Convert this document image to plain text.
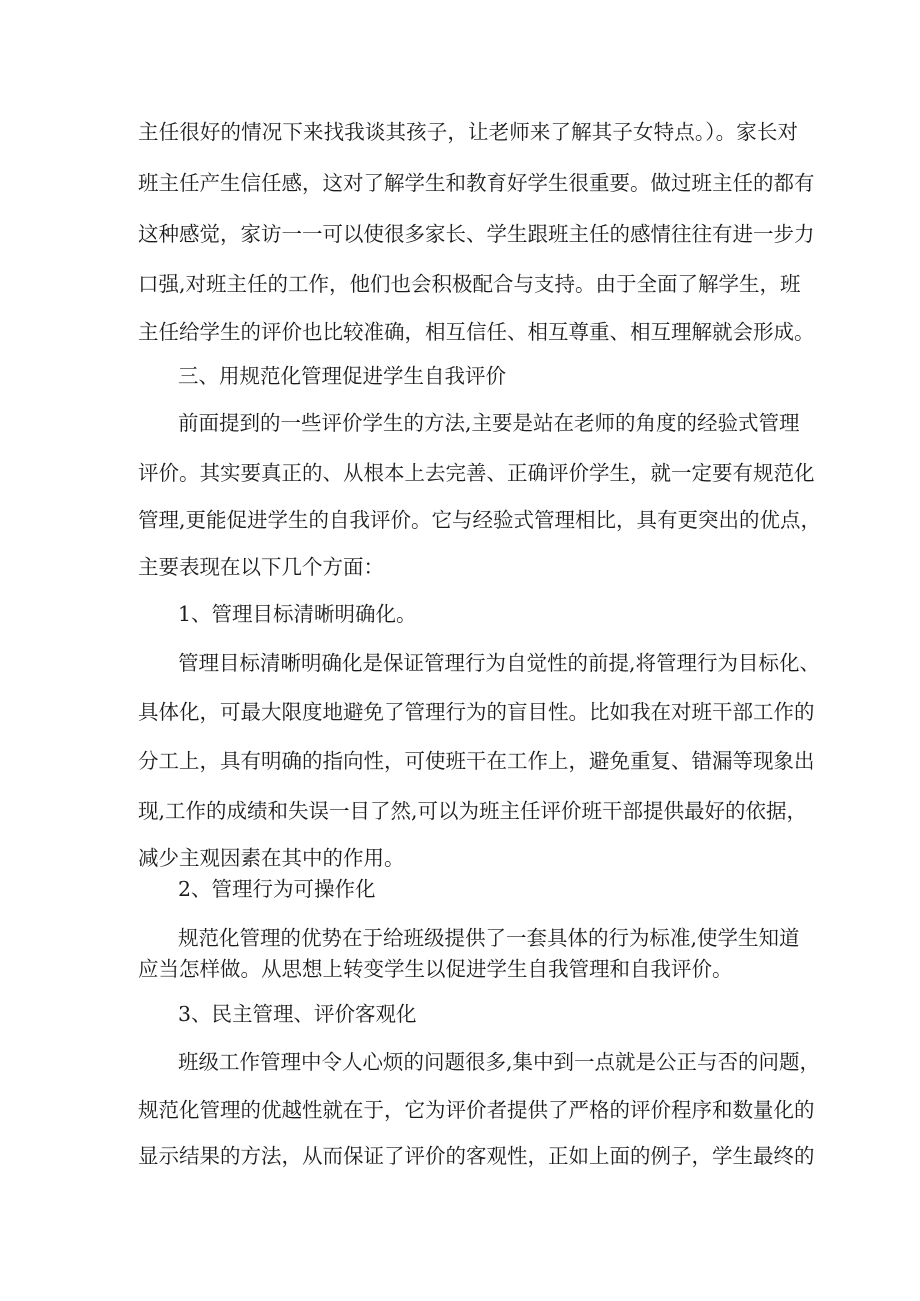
主任很好的情况下来找我谈其孩子，让老师来了解其子女特点。）。家长对
班主任产生信任感，这对了解学生和教育好学生很重要。做过班主任的都有
这种感觉，家访一一可以使很多家长、学生跟班主任的感情往往有进一步力
口强,对班主任的工作，他们也会积极配合与支持。由于全面了解学生，班
主任给学生的评价也比较准确，相互信任、相互尊重、相互理解就会形成。
三、用规范化管理促进学生自我评价
前面提到的一些评价学生的方法,主要是站在老师的角度的经验式管理
评价。其实要真正的、从根本上去完善、正确评价学生，就一定要有规范化
管理,更能促进学生的自我评价。它与经验式管理相比，具有更突出的优点，
主要表现在以下几个方面：
1、管理目标清晰明确化。
管理目标清晰明确化是保证管理行为自觉性的前提,将管理行为目标化、
具体化，可最大限度地避免了管理行为的盲目性。比如我在对班干部工作的
分工上，具有明确的指向性，可使班干在工作上，避免重复、错漏等现象出
现,工作的成绩和失误一目了然,可以为班主任评价班干部提供最好的依据，
减少主观因素在其中的作用。
2、管理行为可操作化
规范化管理的优势在于给班级提供了一套具体的行为标准,使学生知道
应当怎样做。从思想上转变学生以促进学生自我管理和自我评价。
3、民主管理、评价客观化
班级工作管理中令人心烦的问题很多,集中到一点就是公正与否的问题，
规范化管理的优越性就在于，它为评价者提供了严格的评价程序和数量化的
显示结果的方法，从而保证了评价的客观性，正如上面的例子，学生最终的
